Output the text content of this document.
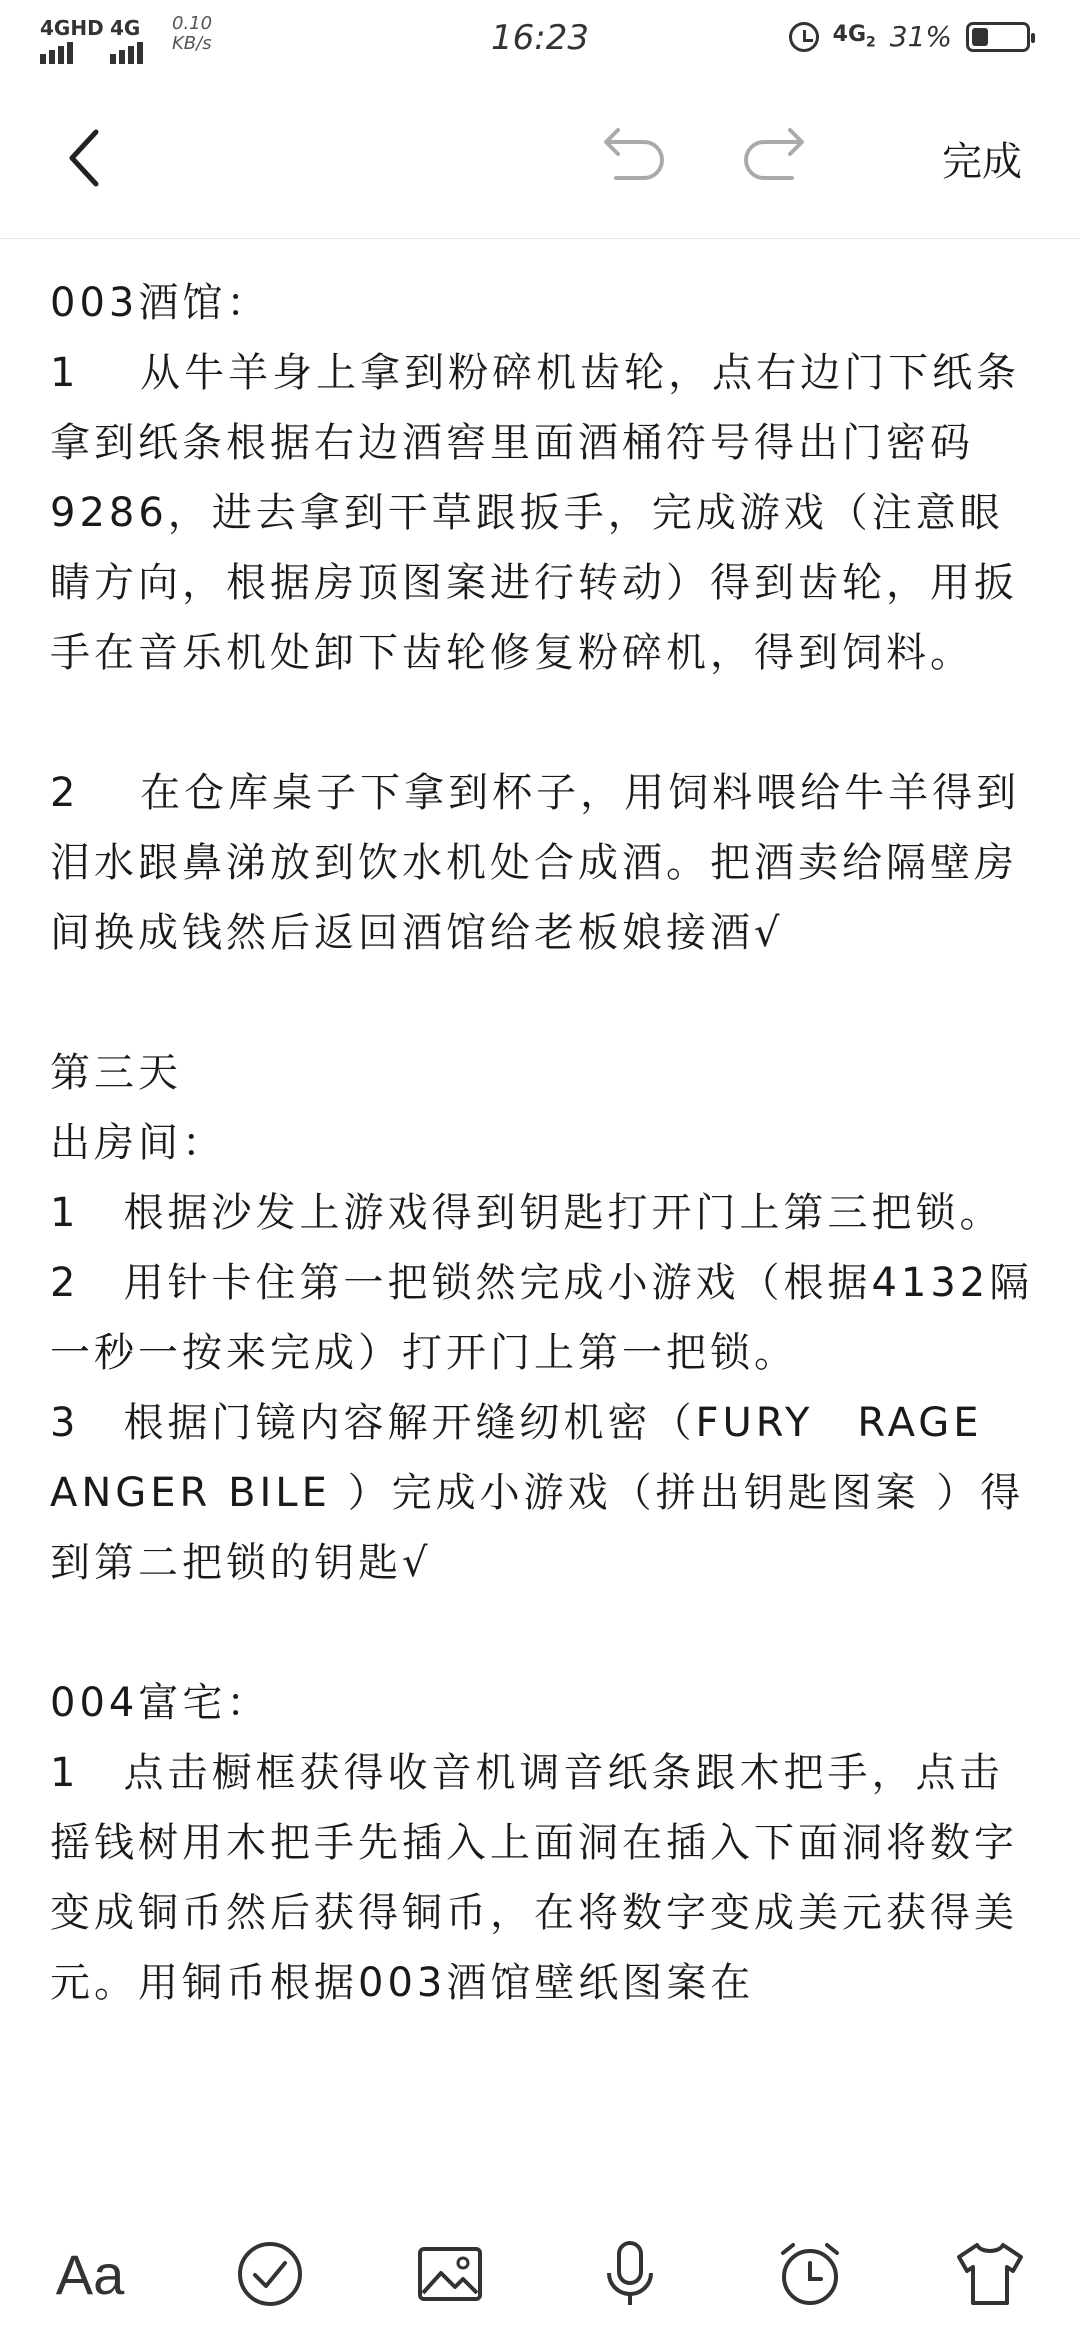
4GHD 4G 0.10
KB/s	16:23	$4G_2$ 31%
完成

003酒馆：

1　 从牛羊身上拿到粉碎机齿轮，点右边门下纸条拿到纸条根据右边酒窖里面酒桶符号得出门密码9286，进去拿到干草跟扳手，完成游戏（注意眼睛方向，根据房顶图案进行转动）得到齿轮，用扳手在音乐机处卸下齿轮修复粉碎机，得到饲料。

2　 在仓库桌子下拿到杯子，用饲料喂给牛羊得到泪水跟鼻涕放到饮水机处合成酒。把酒卖给隔壁房间换成钱然后返回酒馆给老板娘接酒√

第三天

出房间：

1　根据沙发上游戏得到钥匙打开门上第三把锁。

2　用针卡住第一把锁然完成小游戏（根据4132隔一秒一按来完成）打开门上第一把锁。

3　根据门镜内容解开缝纫机密（FURY　RAGE ANGER BILE ）完成小游戏（拼出钥匙图案 ）得到第二把锁的钥匙√

004富宅：

1　点击橱框获得收音机调音纸条跟木把手，点击摇钱树用木把手先插入上面洞在插入下面洞将数字变成铜币然后获得铜币，在将数字变成美元获得美元。用铜币根据003酒馆壁纸图案在

Aa
